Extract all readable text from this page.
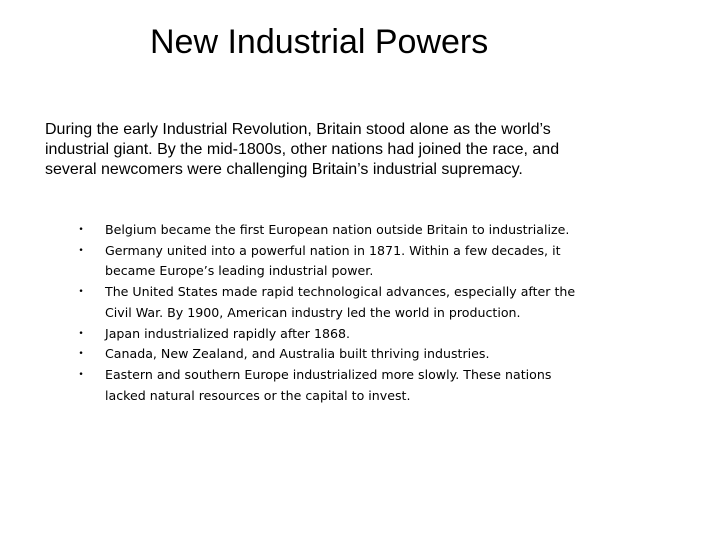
New Industrial Powers
During the early Industrial Revolution, Britain stood alone as the world’s industrial giant. By the mid-1800s, other nations had joined the race, and several newcomers were challenging Britain’s industrial supremacy.
• Belgium became the first European nation outside Britain to industrialize.
• Germany united into a powerful nation in 1871. Within a few decades, it became Europe’s leading industrial power.
• The United States made rapid technological advances, especially after the Civil War. By 1900, American industry led the world in production.
• Japan industrialized rapidly after 1868.
• Canada, New Zealand, and Australia built thriving industries.
• Eastern and southern Europe industrialized more slowly. These nations lacked natural resources or the capital to invest.
